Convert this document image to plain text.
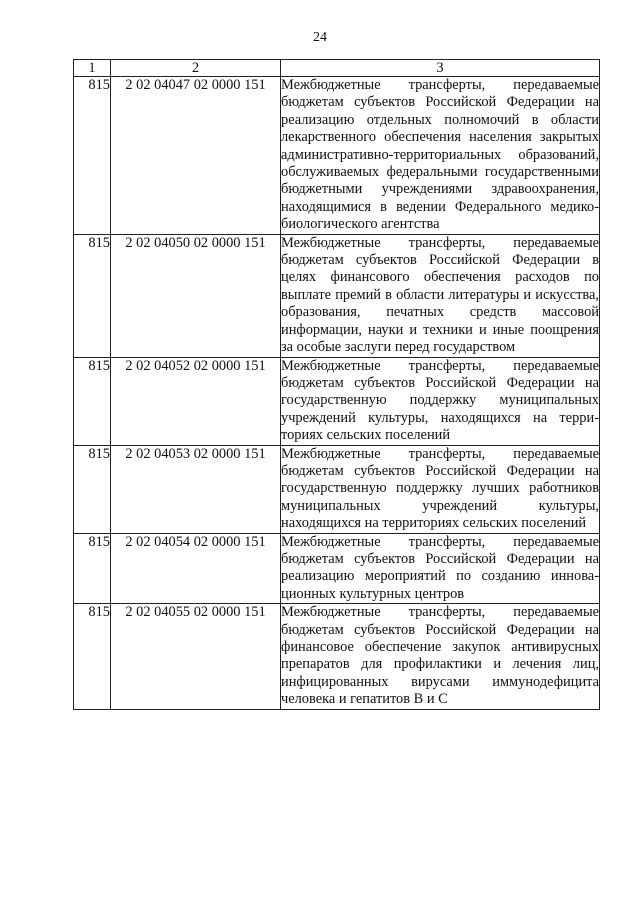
24
1	2	3
815	2 02 04047 02 0000 151	Межбюджетные трансферты, передаваемые бюджетам субъектов Российской Федерации на реализацию отдельных полномочий в области лекарственного обеспечения населения закрытых административно-территориальных образований, обслуживаемых федеральными государственными бюджетными учреждениями здравоохранения, находящимися в ведении Федерального медико-биологического агентства
815	2 02 04050 02 0000 151	Межбюджетные трансферты, передаваемые бюджетам субъектов Российской Федерации в целях финансового обеспечения расходов по выплате премий в области литературы и искусства, образования, печатных средств массовой информации, науки и техники и иные поощрения за особые заслуги перед государством
815	2 02 04052 02 0000 151	Межбюджетные трансферты, передаваемые бюджетам субъектов Российской Федерации на государственную поддержку муниципальных учреждений культуры, находящихся на территориях сельских поселений
815	2 02 04053 02 0000 151	Межбюджетные трансферты, передаваемые бюджетам субъектов Российской Федерации на государственную поддержку лучших работников муниципальных учреждений культуры, находящихся на территориях сельских поселений
815	2 02 04054 02 0000 151	Межбюджетные трансферты, передаваемые бюджетам субъектов Российской Федерации на реализацию мероприятий по созданию инновационных культурных центров
815	2 02 04055 02 0000 151	Межбюджетные трансферты, передаваемые бюджетам субъектов Российской Федерации на финансовое обеспечение закупок антивирусных препаратов для профилактики и лечения лиц, инфицированных вирусами иммунодефицита человека и гепатитов В и С
